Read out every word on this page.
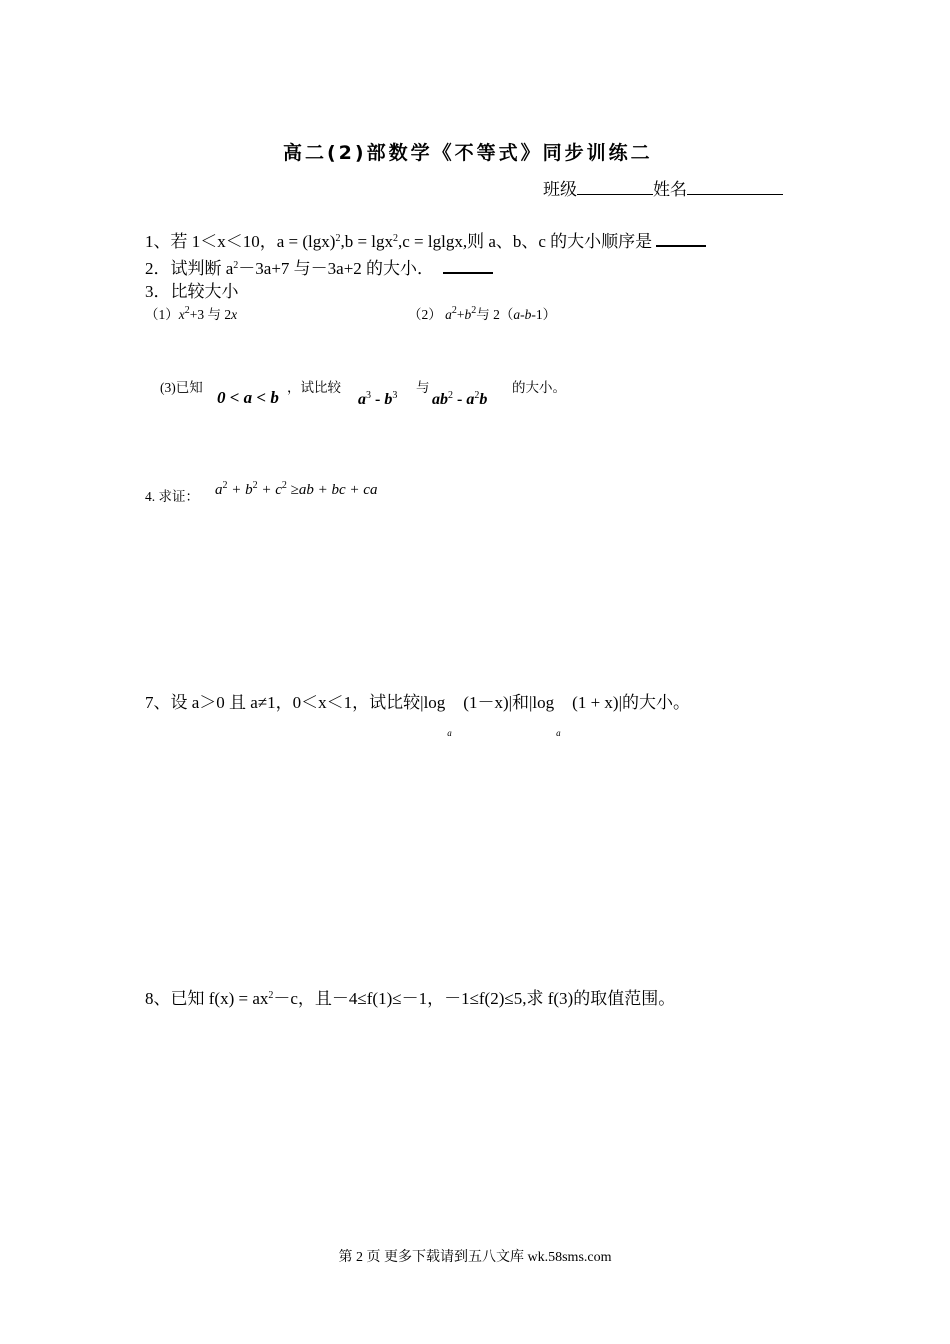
高二(2)部数学《不等式》同步训练二
班级	姓名
1、若 1＜x＜10，$a = (\lg x)^2,b = \lg x^2,c = lglgx$,则 a、b、c 的大小顺序是
2．试判断 $a^2-3a+7$ 与－3a+2 的大小．
3．比较大小
$(1)x^2+3$ 与 2x	（2） $a^2+b^2$与 2（a-b-1）
(3)已知
0 < a < b
，试比较
$a^3 - b^3$
与
$ab^2 - a^2b$
的大小。
4. 求证： $a^2 + b^2 + c^2 \ge ab$ + bc + ca
7、设 a＞0 且 a≠1，0＜x＜1，试比较|log
a
(1－x)|和|log
a
(1 + x)|的大小。
8、已知 $f(x) = ax^2-c$，且－4≤f(1)≤－1，－1≤f(2)≤5,求 f(3)的取值范围。
第 2 页 更多下载请到五八文库 wk.58sms.com
